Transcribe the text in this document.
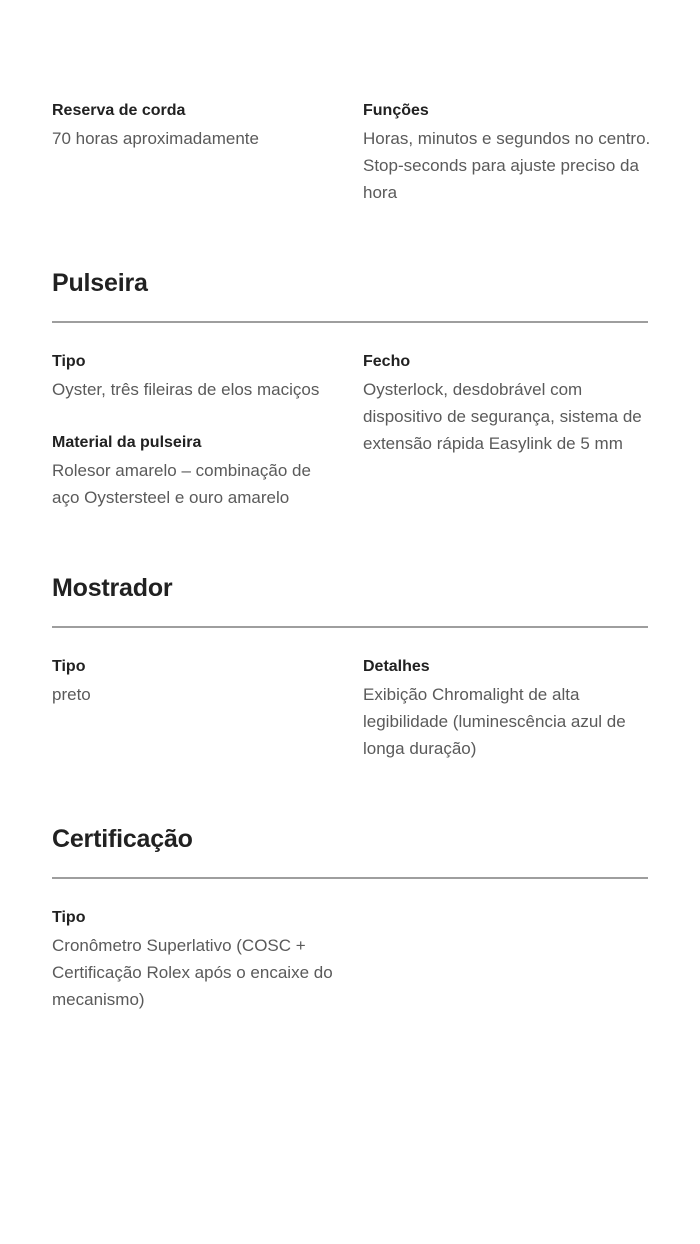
Reserva de corda

70 horas aproximadamente

Funções

Horas, minutos e segundos no centro. Stop-seconds para ajuste preciso da hora

Pulseira

Tipo

Oyster, três fileiras de elos maciços

Material da pulseira

Rolesor amarelo – combinação de aço Oystersteel e ouro amarelo

Fecho

Oysterlock, desdobrável com dispositivo de segurança, sistema de extensão rápida Easylink de 5 mm

Mostrador

Tipo

preto

Detalhes

Exibição Chromalight de alta legibilidade (luminescência azul de longa duração)

Certificação

Tipo

Cronômetro Superlativo (COSC + Certificação Rolex após o encaixe do mecanismo)
